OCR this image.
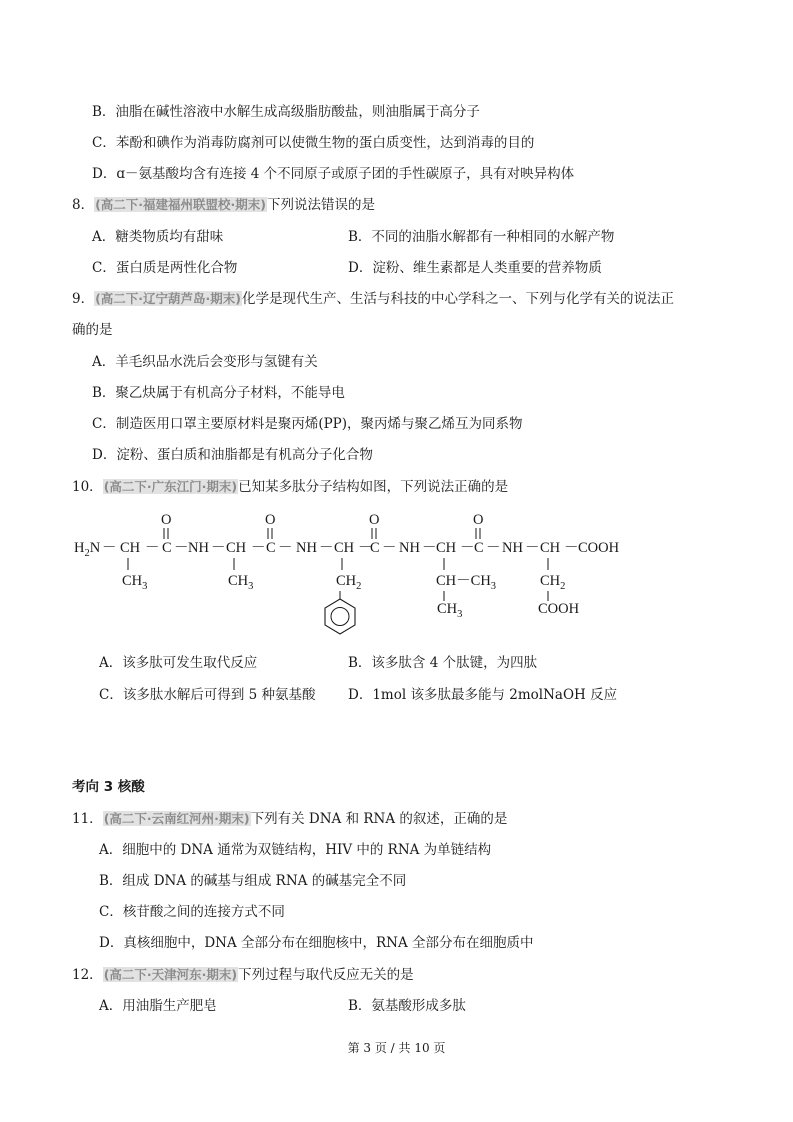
B．油脂在碱性溶液中水解生成高级脂肪酸盐，则油脂属于高分子
C．苯酚和碘作为消毒防腐剂可以使微生物的蛋白质变性，达到消毒的目的
D．ɑ－氨基酸均含有连接 4 个不同原子或原子团的手性碳原子，具有对映异构体
8．(高二下·福建福州联盟校·期末)下列说法错误的是
A．糖类物质均有甜味	B．不同的油脂水解都有一种相同的水解产物
C．蛋白质是两性化合物	D．淀粉、维生素都是人类重要的营养物质
9．(高二下·辽宁葫芦岛·期末)化学是现代生产、生活与科技的中心学科之一、下列与化学有关的说法正
确的是
A．羊毛织品水洗后会变形与氢键有关
B．聚乙炔属于有机高分子材料，不能导电
C．制造医用口罩主要原材料是聚丙烯(PP)，聚丙烯与聚乙烯互为同系物
D．淀粉、蛋白质和油脂都是有机高分子化合物
10．(高二下·广东江门·期末)已知某多肽分子结构如图，下列说法正确的是
$H_2N$ － CH － C － NH － CH － C － NH － CH －
C － NH － CH － C － NH － CH － COOH
O	O	O	O
$CH_3$	$CH_3$	$CH_2$	$CH-CH_3$
$CH_3$
$CH_2$
COOH
A．该多肽可发生取代反应	B．该多肽含 4 个肽键，为四肽
C．该多肽水解后可得到 5 种氨基酸 D．1mol 该多肽最多能与 2molNaOH 反应
考向 3 核酸
11．(高二下·云南红河州·期末)下列有关 DNA 和 RNA 的叙述，正确的是
A．细胞中的 DNA 通常为双链结构，HIV 中的 RNA 为单链结构
B．组成 DNA 的碱基与组成 RNA 的碱基完全不同
C．核苷酸之间的连接方式不同
D．真核细胞中，DNA 全部分布在细胞核中，RNA 全部分布在细胞质中
12．(高二下·天津河东·期末)下列过程与取代反应无关的是
A．用油脂生产肥皂	B．氨基酸形成多肽
第 3 页 / 共 10 页
